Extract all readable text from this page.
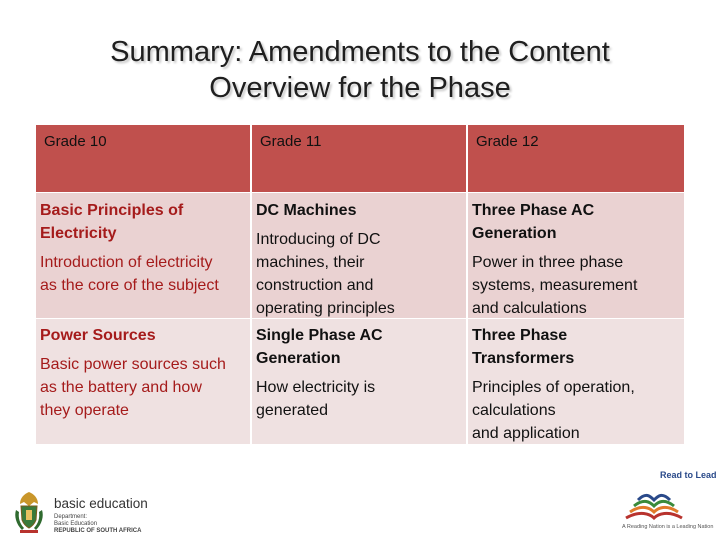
Summary: Amendments to the Content
Overview for the Phase
Grade 10	Grade 11	Grade 12
Basic Principles of
Electricity
Introduction of electricity
as the core of the subject
DC Machines
Introducing of DC
machines, their
construction and
operating principles
Three Phase AC
Generation
Power in three phase
systems, measurement
and calculations
Power Sources
Basic power sources such
as the battery and how
they operate
Single Phase AC
Generation
How electricity is
generated
Three Phase
Transformers
Principles of operation,
calculations
and application
basic education
Department:
Basic Education
REPUBLIC OF SOUTH AFRICA
Read to Lead
A Reading Nation is a Leading Nation
